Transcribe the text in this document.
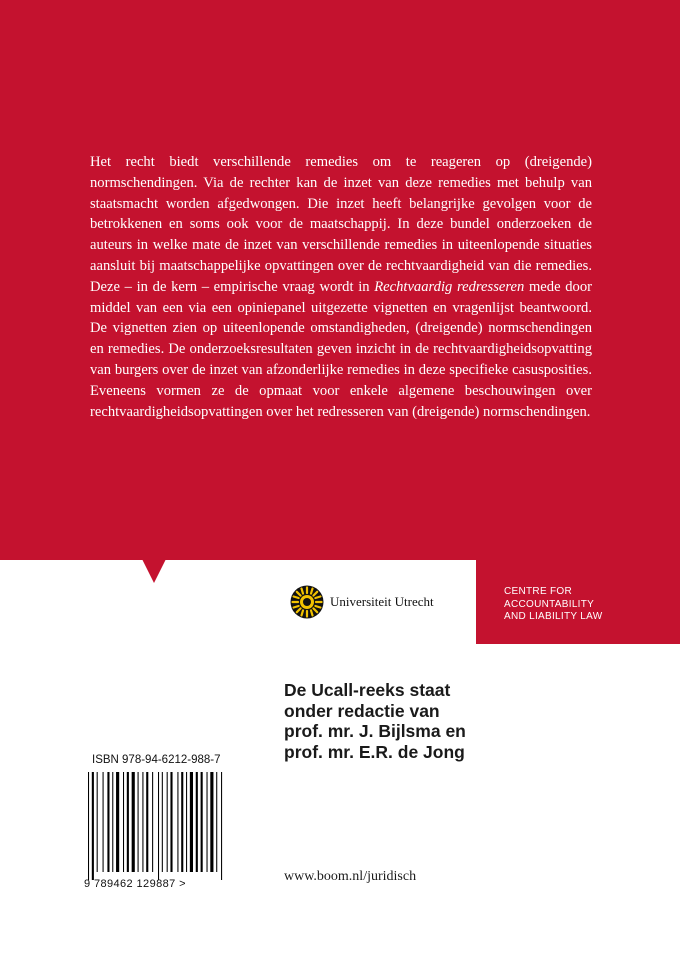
Het recht biedt verschillende remedies om te reageren op (dreigende) normschendingen. Via de rechter kan de inzet van deze remedies met behulp van staatsmacht worden afgedwongen. Die inzet heeft belangrijke gevolgen voor de betrokkenen en soms ook voor de maatschappij. In deze bundel onderzoeken de auteurs in welke mate de inzet van verschillende remedies in uiteenlopende situaties aansluit bij maatschappelijke opvattingen over de rechtvaardigheid van die remedies. Deze – in de kern – empirische vraag wordt in Rechtvaardig redresseren mede door middel van een via een opiniepanel uitgezette vignetten en vragenlijst beantwoord. De vignetten zien op uiteenlopende omstandigheden, (dreigende) normschendingen en remedies. De onderzoeksresultaten geven inzicht in de rechtvaardigheidsopvatting van burgers over de inzet van afzonderlijke remedies in deze specifieke casusposities. Eveneens vormen ze de opmaat voor enkele algemene beschouwingen over rechtvaardigheidsopvattingen over het redresseren van (dreigende) normschendingen.

Universiteit Utrecht
CENTRE FOR
ACCOUNTABILITY
AND LIABILITY LAW
De Ucall-reeks staat
onder redactie van
prof. mr. J. Bijlsma en
prof. mr. E.R. de Jong
ISBN 978-94-6212-988-7
9 789462 129887 >	www.boom.nl/juridisch
